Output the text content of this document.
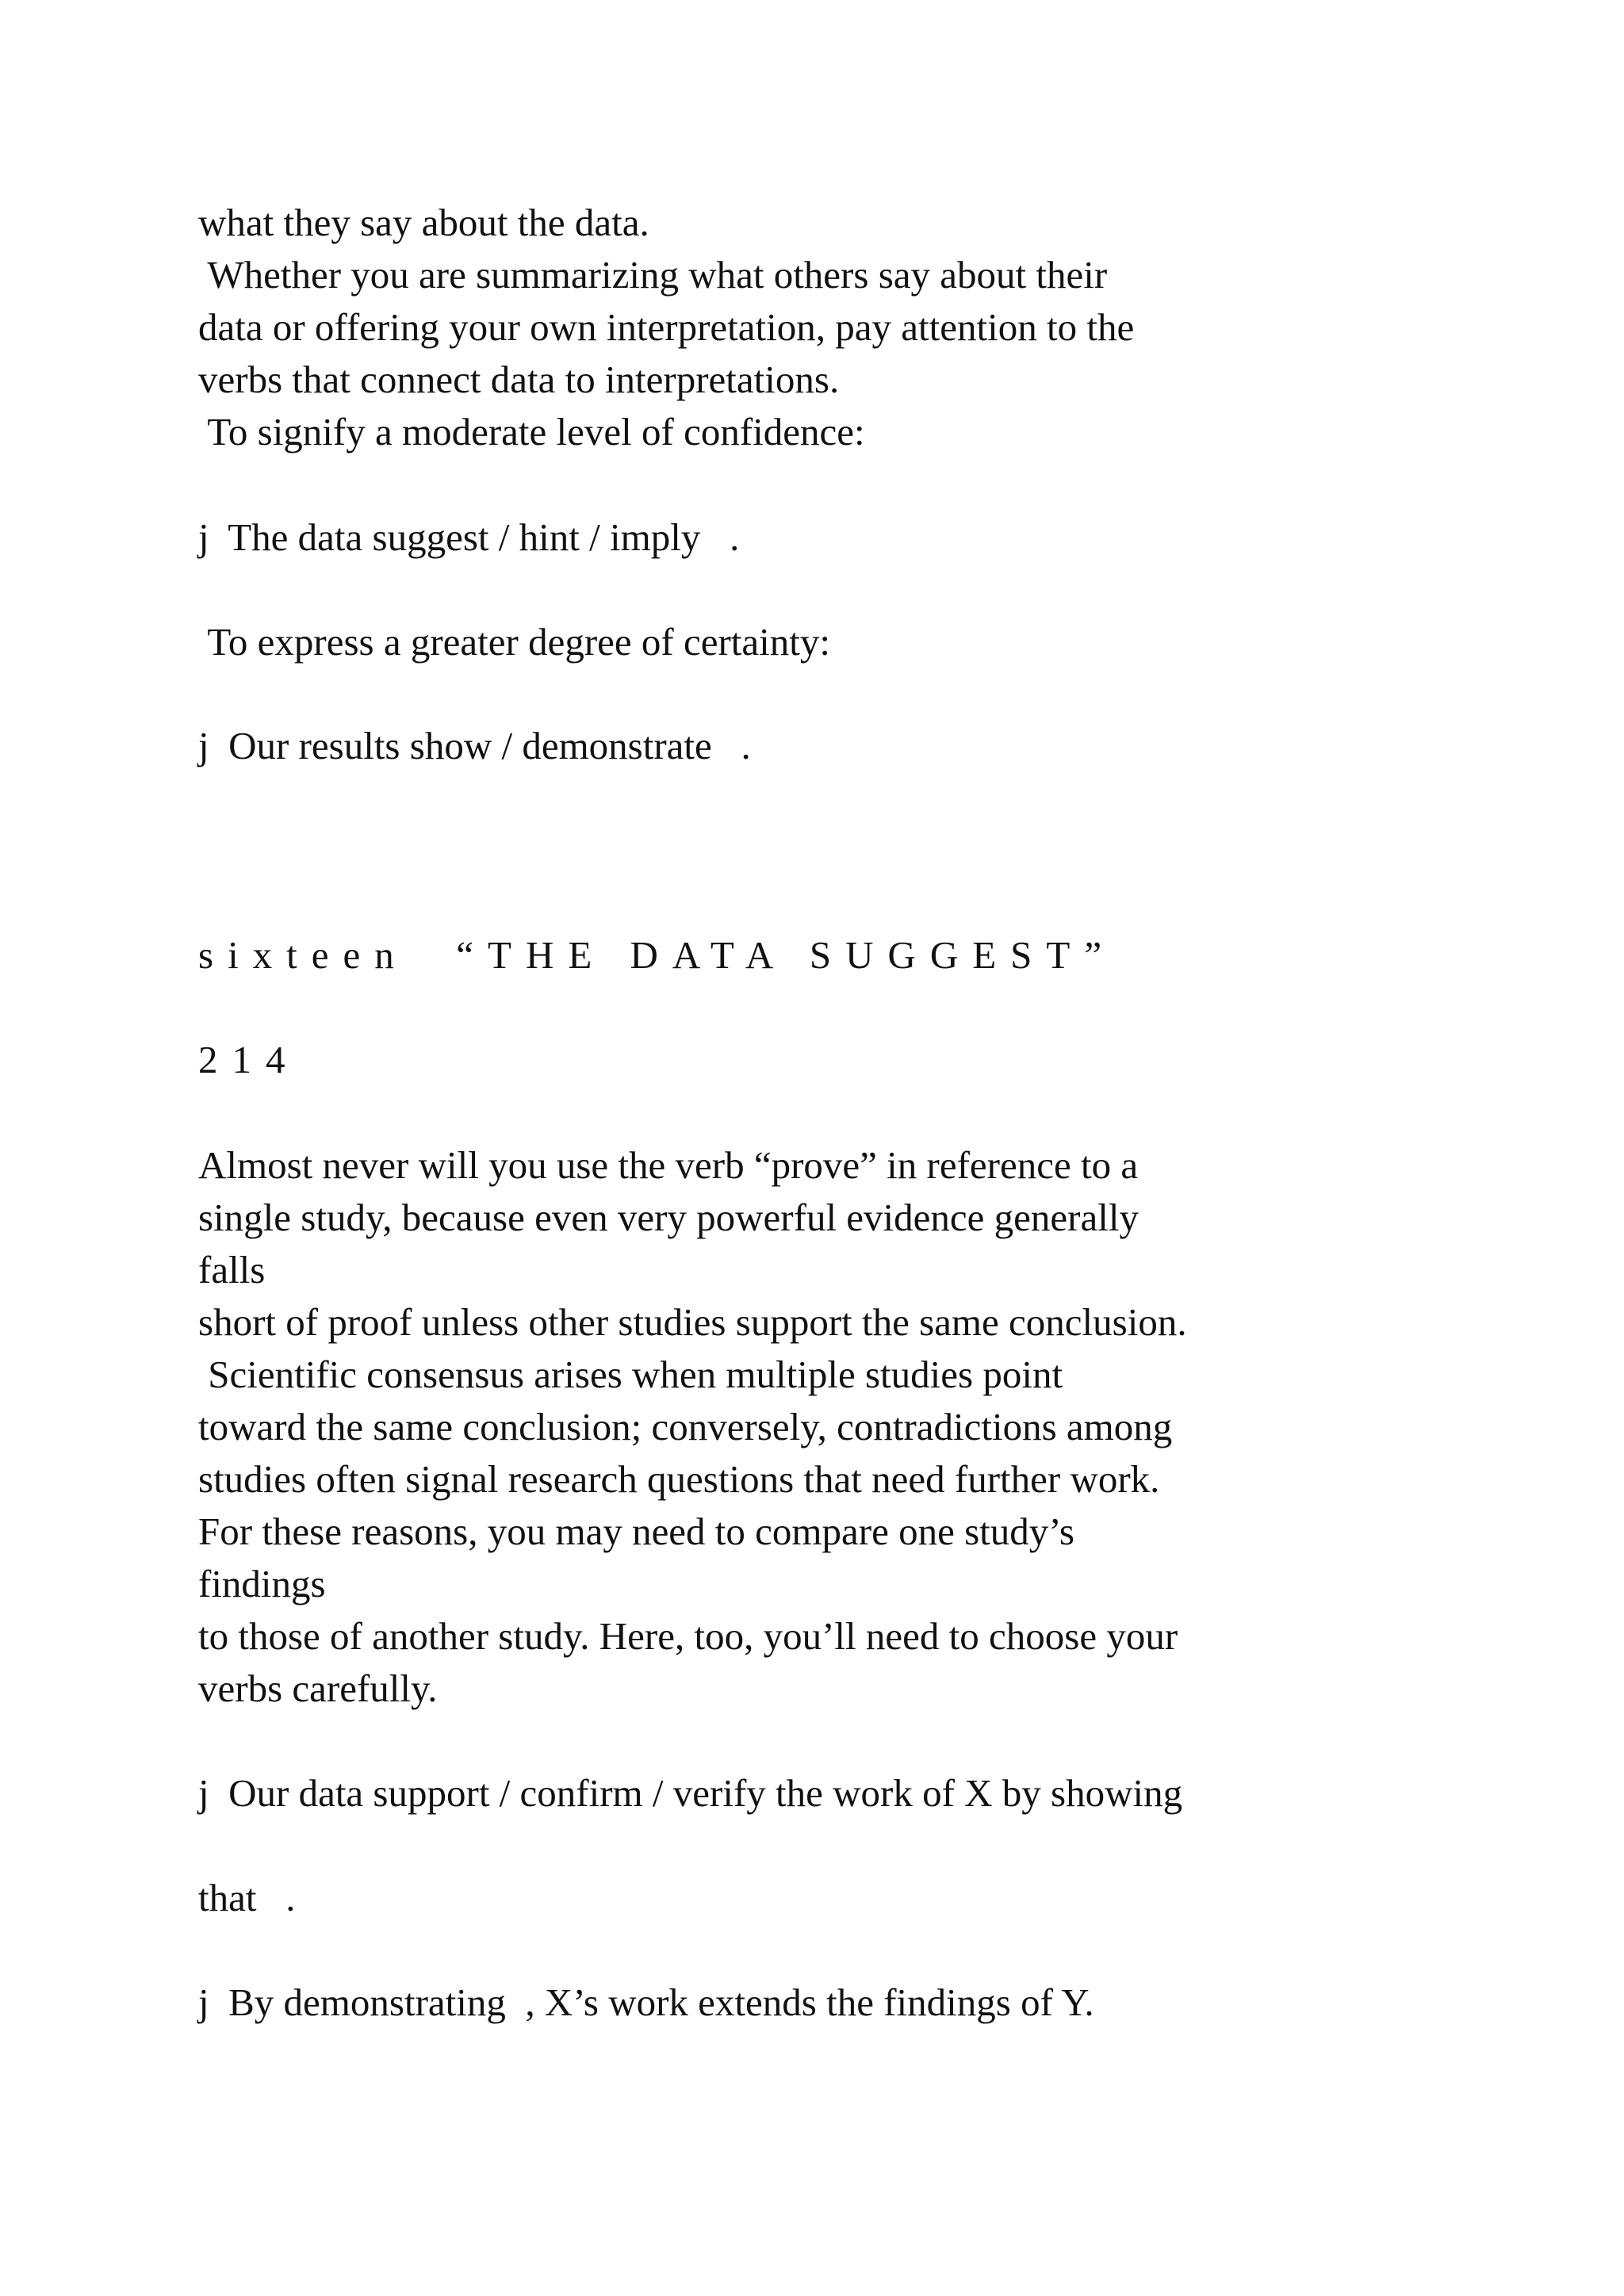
what they say about the data.

Whether you are summarizing what others say about their

data or offering your own interpretation, pay attention to the

verbs that connect data to interpretations.

To signify a moderate level of confidence:

j  The data suggest / hint / imply   .

To express a greater degree of certainty:

j  Our results show / demonstrate   .

sixteen  “THE DATA SUGGEST”

214

Almost never will you use the verb “prove” in reference to a

single study, because even very powerful evidence generally

falls

short of proof unless other studies support the same conclusion.

Scientific consensus arises when multiple studies point

toward the same conclusion; conversely, contradictions among

studies often signal research questions that need further work.

For these reasons, you may need to compare one study’s

findings

to those of another study. Here, too, you’ll need to choose your

verbs carefully.

j  Our data support / confirm / verify the work of X by showing

that   .

j  By demonstrating  , X’s work extends the findings of Y.
